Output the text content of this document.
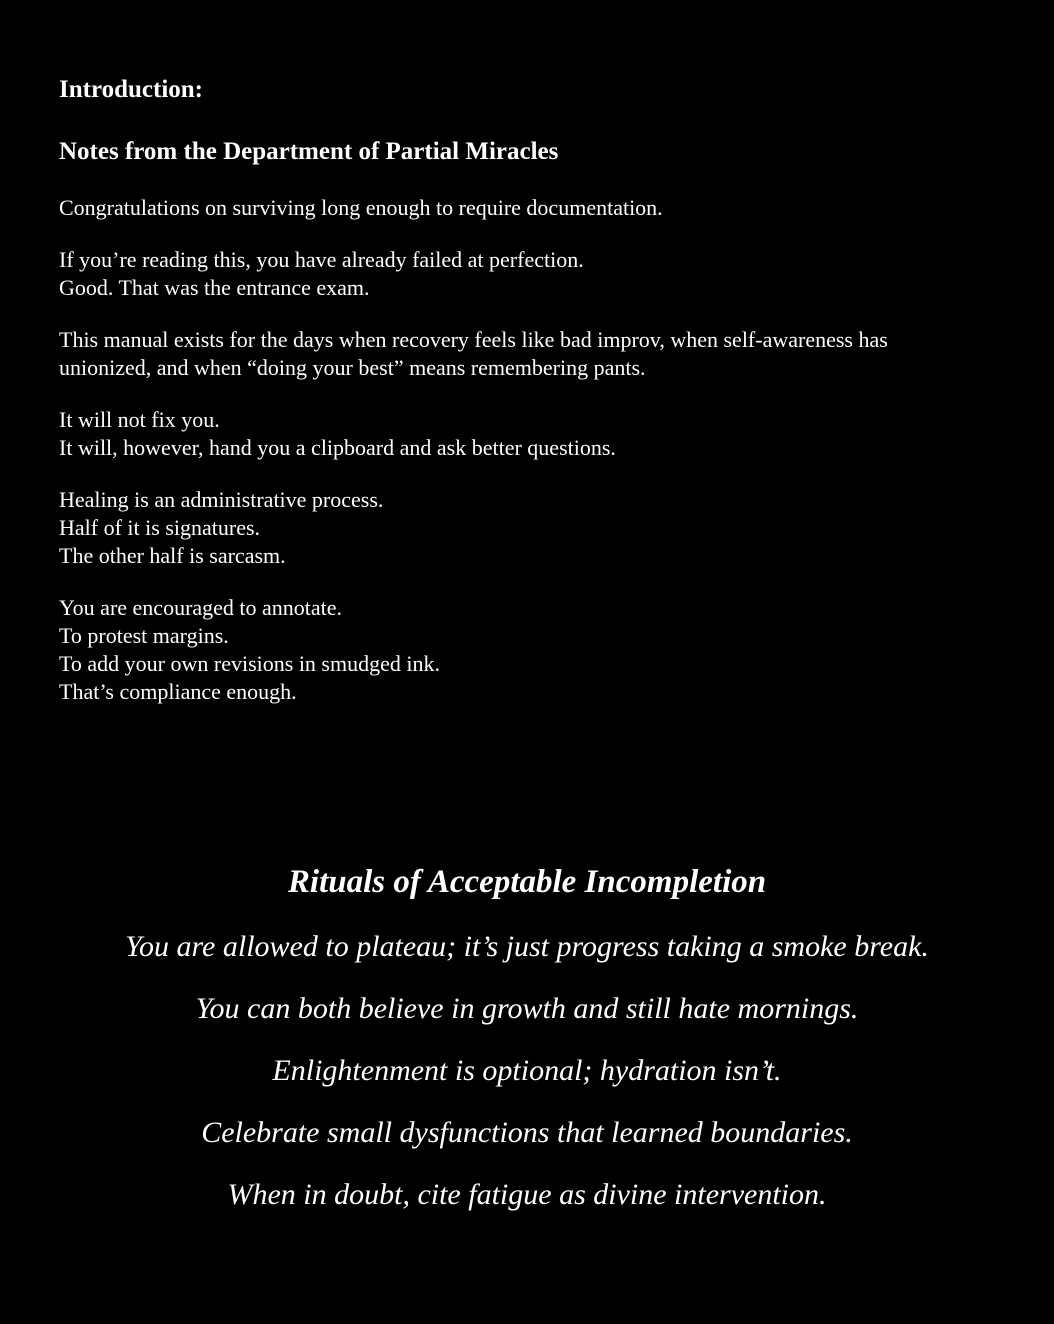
Introduction:
Notes from the Department of Partial Miracles

Congratulations on surviving long enough to require documentation.

If you’re reading this, you have already failed at perfection.
Good. That was the entrance exam.

This manual exists for the days when recovery feels like bad improv, when self-awareness has unionized, and when “doing your best” means remembering pants.

It will not fix you.
It will, however, hand you a clipboard and ask better questions.

Healing is an administrative process.
Half of it is signatures.
The other half is sarcasm.

You are encouraged to annotate.
To protest margins.
To add your own revisions in smudged ink.
That’s compliance enough.

Rituals of Acceptable Incompletion

You are allowed to plateau; it’s just progress taking a smoke break.

You can both believe in growth and still hate mornings.

Enlightenment is optional; hydration isn’t.

Celebrate small dysfunctions that learned boundaries.

When in doubt, cite fatigue as divine intervention.
